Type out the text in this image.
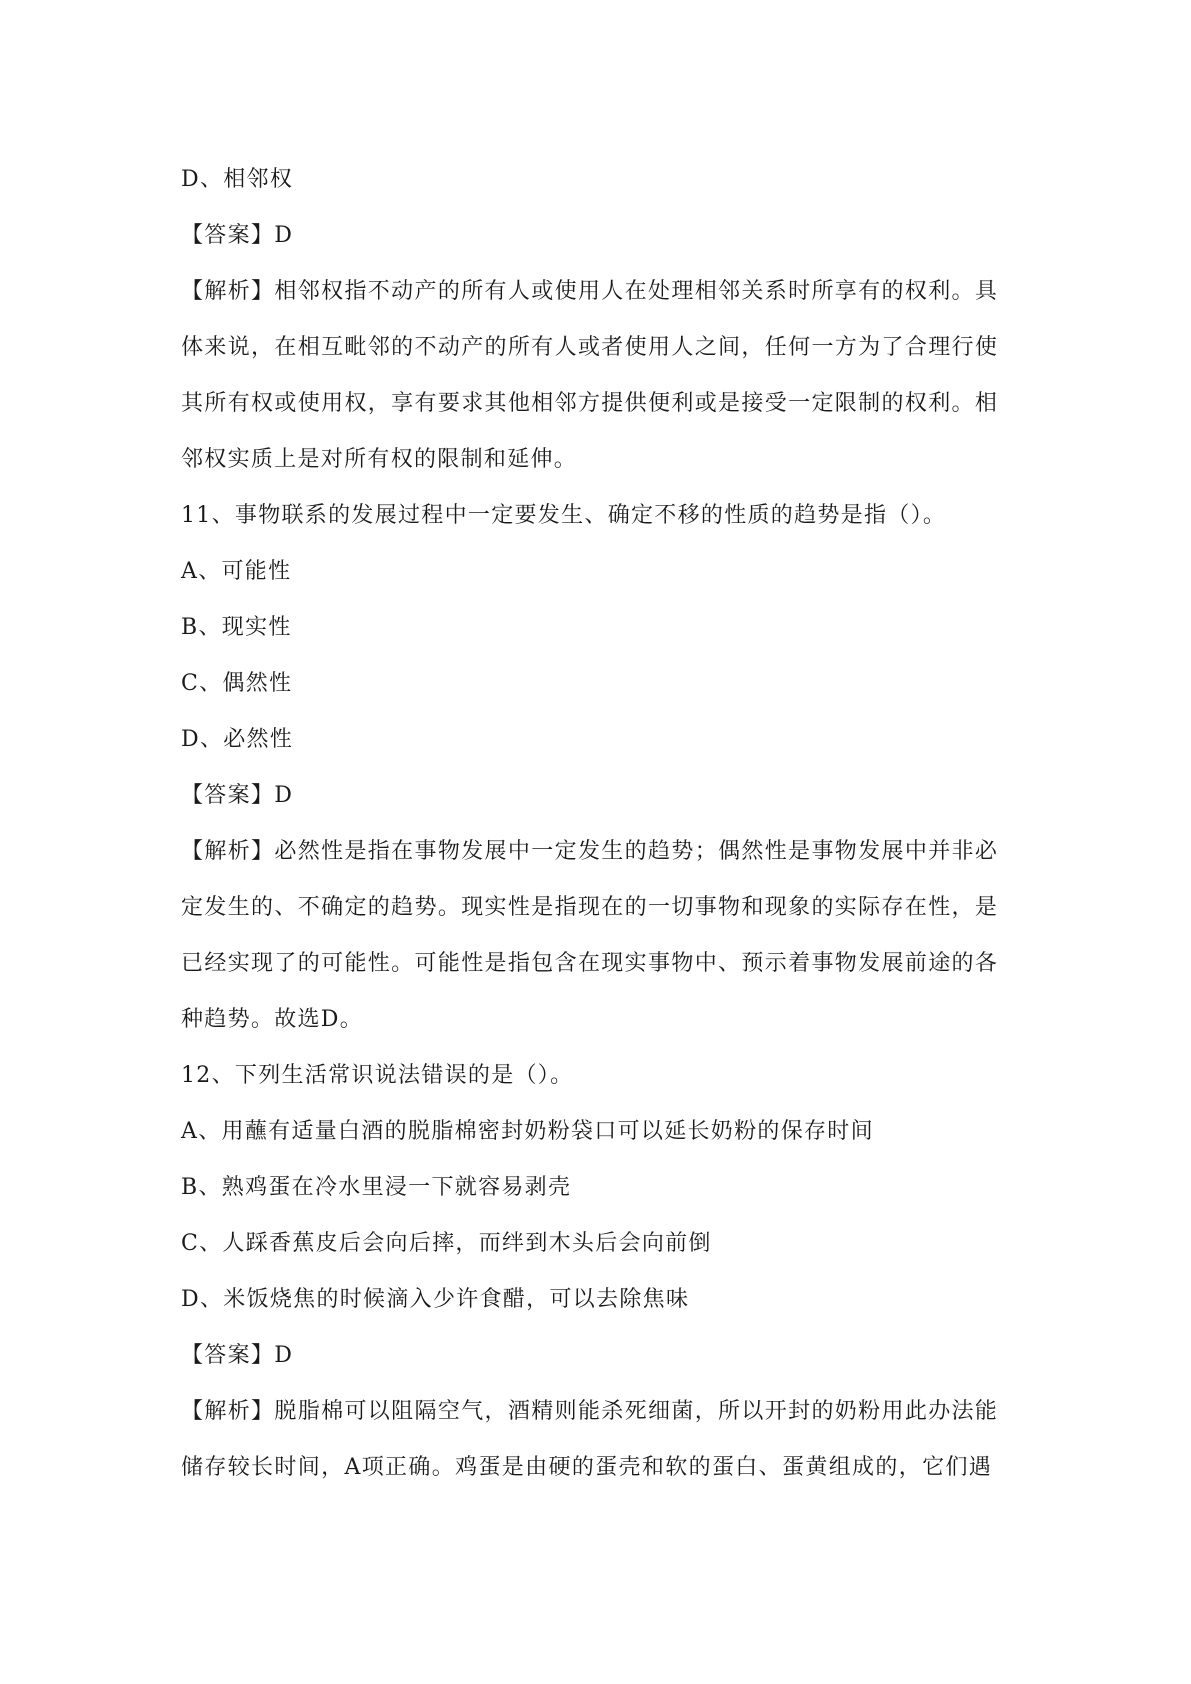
D、相邻权
【答案】D
【解析】相邻权指不动产的所有人或使用人在处理相邻关系时所享有的权利。具
体来说，在相互毗邻的不动产的所有人或者使用人之间，任何一方为了合理行使
其所有权或使用权，享有要求其他相邻方提供便利或是接受一定限制的权利。相
邻权实质上是对所有权的限制和延伸。
11、事物联系的发展过程中一定要发生、确定不移的性质的趋势是指（）。
A、可能性
B、现实性
C、偶然性
D、必然性
【答案】D
【解析】必然性是指在事物发展中一定发生的趋势；偶然性是事物发展中并非必
定发生的、不确定的趋势。现实性是指现在的一切事物和现象的实际存在性，是
已经实现了的可能性。可能性是指包含在现实事物中、预示着事物发展前途的各
种趋势。故选D。
12、下列生活常识说法错误的是（）。
A、用蘸有适量白酒的脱脂棉密封奶粉袋口可以延长奶粉的保存时间
B、熟鸡蛋在冷水里浸一下就容易剥壳
C、人踩香蕉皮后会向后摔，而绊到木头后会向前倒
D、米饭烧焦的时候滴入少许食醋，可以去除焦味
【答案】D
【解析】脱脂棉可以阻隔空气，酒精则能杀死细菌，所以开封的奶粉用此办法能
储存较长时间，A项正确。鸡蛋是由硬的蛋壳和软的蛋白、蛋黄组成的，它们遇
